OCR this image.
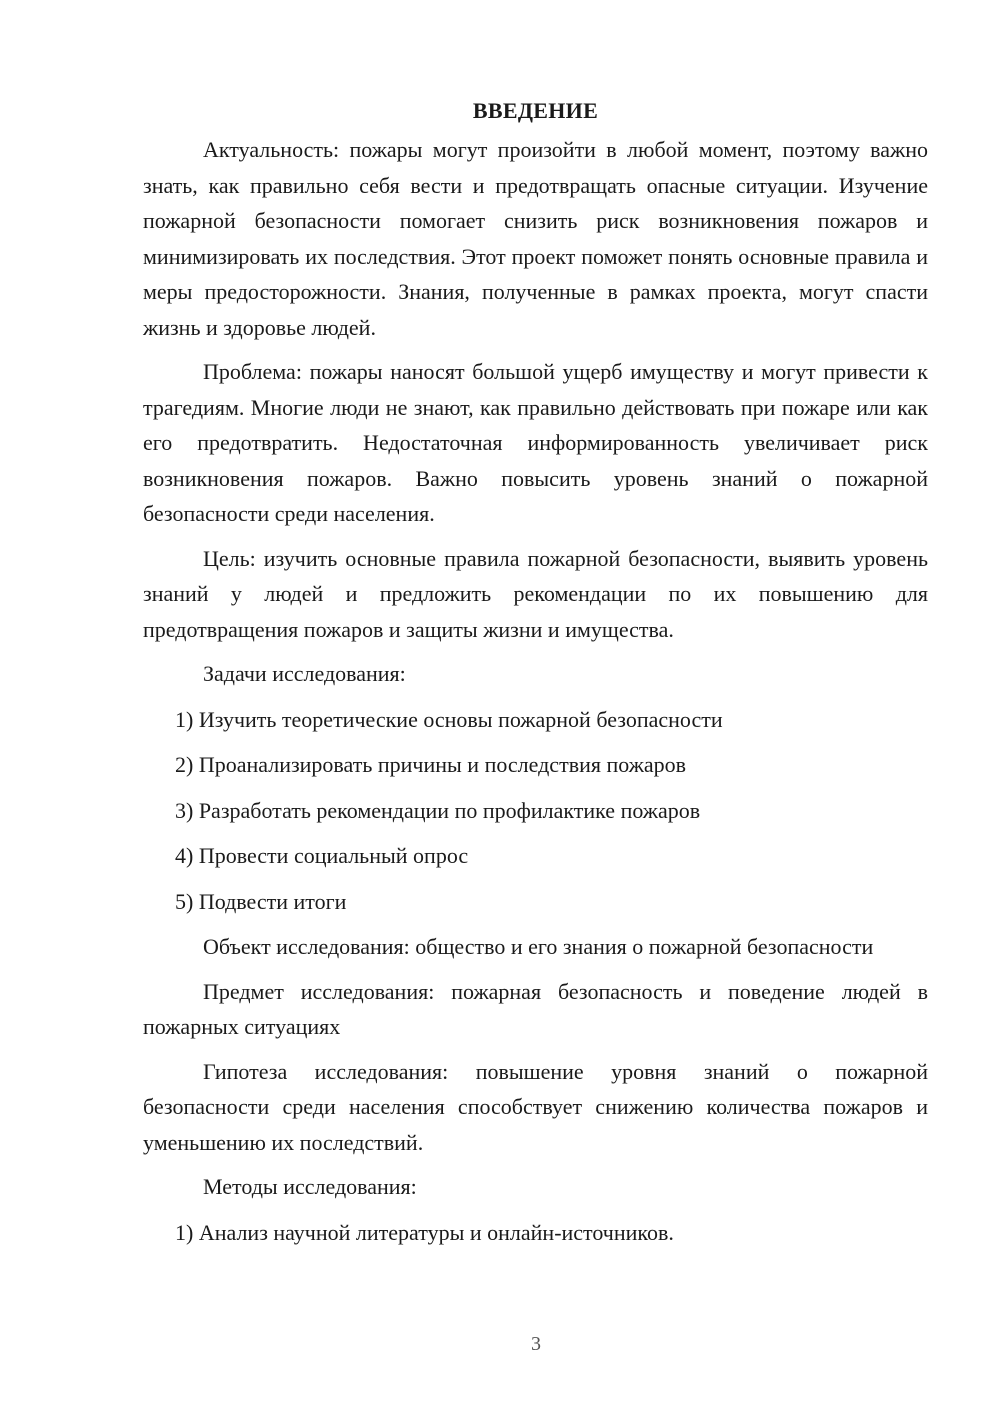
ВВЕДЕНИЕ

Актуальность: пожары могут произойти в любой момент, поэтому важно знать, как правильно себя вести и предотвращать опасные ситуации. Изучение пожарной безопасности помогает снизить риск возникновения пожаров и минимизировать их последствия. Этот проект поможет понять основные правила и меры предосторожности. Знания, полученные в рамках проекта, могут спасти жизнь и здоровье людей.

Проблема: пожары наносят большой ущерб имуществу и могут привести к трагедиям. Многие люди не знают, как правильно действовать при пожаре или как его предотвратить. Недостаточная информированность увеличивает риск возникновения пожаров. Важно повысить уровень знаний о пожарной безопасности среди населения.

Цель: изучить основные правила пожарной безопасности, выявить уровень знаний у людей и предложить рекомендации по их повышению для предотвращения пожаров и защиты жизни и имущества.

Задачи исследования:
1) Изучить теоретические основы пожарной безопасности
2) Проанализировать причины и последствия пожаров
3) Разработать рекомендации по профилактике пожаров
4) Провести социальный опрос
5) Подвести итоги

Объект исследования: общество и его знания о пожарной безопасности

Предмет исследования: пожарная безопасность и поведение людей в пожарных ситуациях

Гипотеза исследования: повышение уровня знаний о пожарной безопасности среди населения способствует снижению количества пожаров и уменьшению их последствий.

Методы исследования:
1) Анализ научной литературы и онлайн-источников.
3
